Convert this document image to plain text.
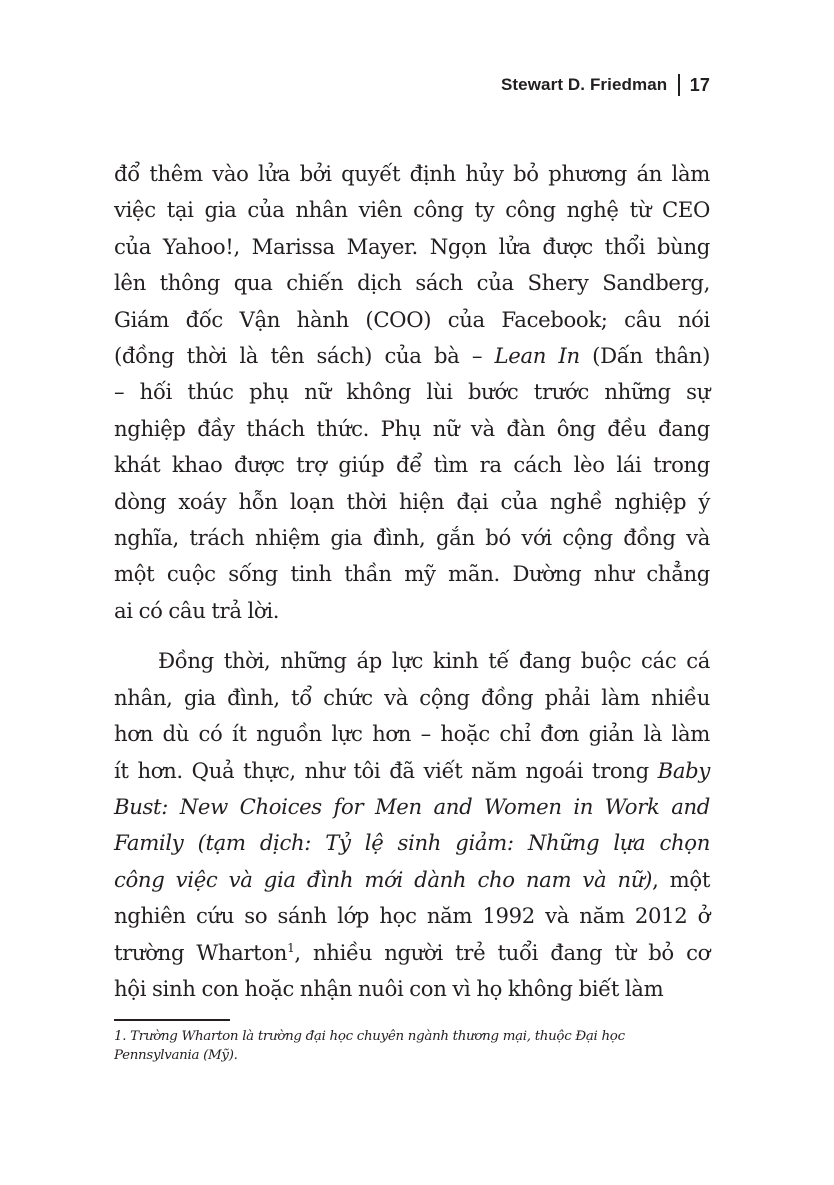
Stewart D. Friedman 17
đổ thêm vào lửa bởi quyết định hủy bỏ phương án làm
việc tại gia của nhân viên công ty công nghệ từ CEO
của Yahoo!, Marissa Mayer. Ngọn lửa được thổi bùng
lên thông qua chiến dịch sách của Shery Sandberg,
Giám đốc Vận hành (COO) của Facebook; câu nói
(đồng thời là tên sách) của bà – Lean In (Dấn thân)
– hối thúc phụ nữ không lùi bước trước những sự
nghiệp đầy thách thức. Phụ nữ và đàn ông đều đang
khát khao được trợ giúp để tìm ra cách lèo lái trong
dòng xoáy hỗn loạn thời hiện đại của nghề nghiệp ý
nghĩa, trách nhiệm gia đình, gắn bó với cộng đồng và
một cuộc sống tinh thần mỹ mãn. Dường như chẳng
ai có câu trả lời.
Đồng thời, những áp lực kinh tế đang buộc các cá
nhân, gia đình, tổ chức và cộng đồng phải làm nhiều
hơn dù có ít nguồn lực hơn – hoặc chỉ đơn giản là làm
ít hơn. Quả thực, như tôi đã viết năm ngoái trong Baby
Bust: New Choices for Men and Women in Work and
Family (tạm dịch: Tỷ lệ sinh giảm: Những lựa chọn
công việc và gia đình mới dành cho nam và nữ), một
nghiên cứu so sánh lớp học năm 1992 và năm 2012 ở
trường Wharton$^1$, nhiều người trẻ tuổi đang từ bỏ cơ
hội sinh con hoặc nhận nuôi con vì họ không biết làm
1. Trường Wharton là trường đại học chuyên ngành thương mại, thuộc Đại học
Pennsylvania (Mỹ).
